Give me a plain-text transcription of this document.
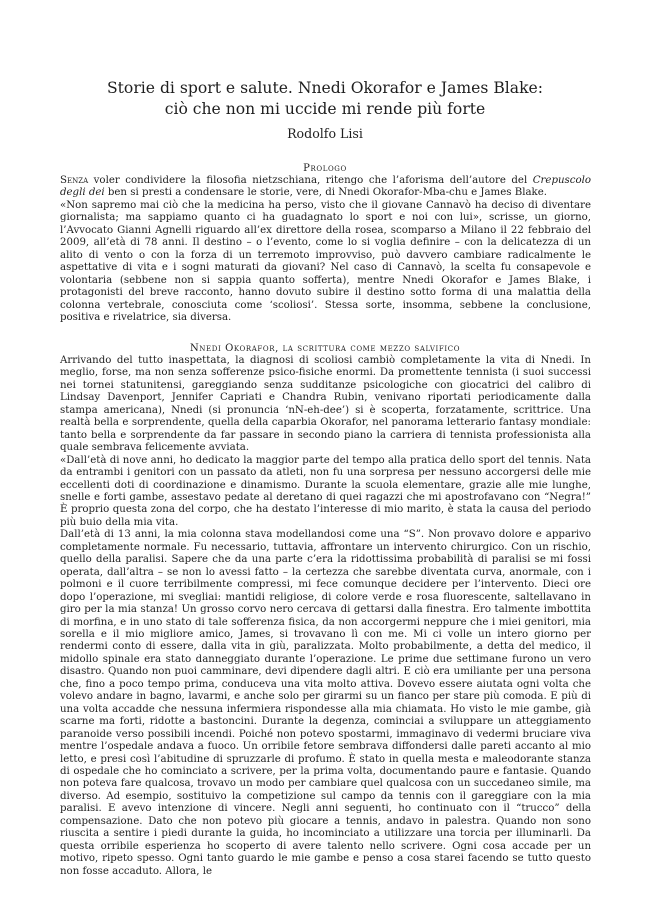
Storie di sport e salute. Nnedi Okorafor e James Blake:
ciò che non mi uccide mi rende più forte
Rodolfo Lisi
Prologo

Senza voler condividere la filosofia nietzschiana, ritengo che l’aforisma dell’autore del Crepuscolo degli dei ben si presti a condensare le storie, vere, di Nnedi Okorafor-Mba-chu e James Blake.

«Non sapremo mai ciò che la medicina ha perso, visto che il giovane Cannavò ha deciso di diventare giornalista; ma sappiamo quanto ci ha guadagnato lo sport e noi con lui», scrisse, un giorno, l’Avvocato Gianni Agnelli riguardo all’ex direttore della rosea, scomparso a Milano il 22 febbraio del 2009, all’età di 78 anni. Il destino – o l’evento, come lo si voglia definire – con la delicatezza di un alito di vento o con la forza di un terremoto improvviso, può davvero cambiare radicalmente le aspettative di vita e i sogni maturati da giovani? Nel caso di Cannavò, la scelta fu consapevole e volontaria (sebbene non si sappia quanto sofferta), mentre Nnedi Okorafor e James Blake, i protagonisti del breve racconto, hanno dovuto subire il destino sotto forma di una malattia della colonna vertebrale, conosciuta come ‘scoliosi’. Stessa sorte, insomma, sebbene la conclusione, positiva e rivelatrice, sia diversa.

Nnedi Okorafor, la scrittura come mezzo salvifico

Arrivando del tutto inaspettata, la diagnosi di scoliosi cambiò completamente la vita di Nnedi. In meglio, forse, ma non senza sofferenze psico-fisiche enormi. Da promettente tennista (i suoi successi nei tornei statunitensi, gareggiando senza sudditanze psicologiche con giocatrici del calibro di Lindsay Davenport, Jennifer Capriati e Chandra Rubin, venivano riportati periodicamente dalla stampa americana), Nnedi (si pronuncia ‘nN-eh-dee’) si è scoperta, forzatamente, scrittrice. Una realtà bella e sorprendente, quella della caparbia Okorafor, nel panorama letterario fantasy mondiale: tanto bella e sorprendente da far passare in secondo piano la carriera di tennista professionista alla quale sembrava felicemente avviata.

«Dall’età di nove anni, ho dedicato la maggior parte del tempo alla pratica dello sport del tennis. Nata da entrambi i genitori con un passato da atleti, non fu una sorpresa per nessuno accorgersi delle mie eccellenti doti di coordinazione e dinamismo. Durante la scuola elementare, grazie alle mie lunghe, snelle e forti gambe, assestavo pedate al deretano di quei ragazzi che mi apostrofavano con “Negra!” È proprio questa zona del corpo, che ha destato l’interesse di mio marito, è stata la causa del periodo più buio della mia vita.

Dall’età di 13 anni, la mia colonna stava modellandosi come una “S”. Non provavo dolore e apparivo completamente normale. Fu necessario, tuttavia, affrontare un intervento chirurgico. Con un rischio, quello della paralisi. Sapere che da una parte c’era la ridottissima probabilità di paralisi se mi fossi operata, dall’altra – se non lo avessi fatto – la certezza che sarebbe diventata curva, anormale, con i polmoni e il cuore terribilmente compressi, mi fece comunque decidere per l’intervento. Dieci ore dopo l’operazione, mi svegliai: mantidi religiose, di colore verde e rosa fluorescente, saltellavano in giro per la mia stanza! Un grosso corvo nero cercava di gettarsi dalla finestra. Ero talmente imbottita di morfina, e in uno stato di tale sofferenza fisica, da non accorgermi neppure che i miei genitori, mia sorella e il mio migliore amico, James, si trovavano lì con me. Mi ci volle un intero giorno per rendermi conto di essere, dalla vita in giù, paralizzata. Molto probabilmente, a detta del medico, il midollo spinale era stato danneggiato durante l’operazione. Le prime due settimane furono un vero disastro. Quando non puoi camminare, devi dipendere dagli altri. E ciò era umiliante per una persona che, fino a poco tempo prima, conduceva una vita molto attiva. Dovevo essere aiutata ogni volta che volevo andare in bagno, lavarmi, e anche solo per girarmi su un fianco per stare più comoda. E più di una volta accadde che nessuna infermiera rispondesse alla mia chiamata. Ho visto le mie gambe, già scarne ma forti, ridotte a bastoncini. Durante la degenza, cominciai a sviluppare un atteggiamento paranoide verso possibili incendi. Poiché non potevo spostarmi, immaginavo di vedermi bruciare viva mentre l’ospedale andava a fuoco. Un orribile fetore sembrava diffondersi dalle pareti accanto al mio letto, e presi così l’abitudine di spruzzarle di profumo. È stato in quella mesta e maleodorante stanza di ospedale che ho cominciato a scrivere, per la prima volta, documentando paure e fantasie. Quando non poteva fare qualcosa, trovavo un modo per cambiare quel qualcosa con un succedaneo simile, ma diverso. Ad esempio, sostituivo la competizione sul campo da tennis con il gareggiare con la mia paralisi. E avevo intenzione di vincere. Negli anni seguenti, ho continuato con il “trucco” della compensazione. Dato che non potevo più giocare a tennis, andavo in palestra. Quando non sono riuscita a sentire i piedi durante la guida, ho incominciato a utilizzare una torcia per illuminarli. Da questa orribile esperienza ho scoperto di avere talento nello scrivere. Ogni cosa accade per un motivo, ripeto spesso. Ogni tanto guardo le mie gambe e penso a cosa starei facendo se tutto questo non fosse accaduto. Allora, le
